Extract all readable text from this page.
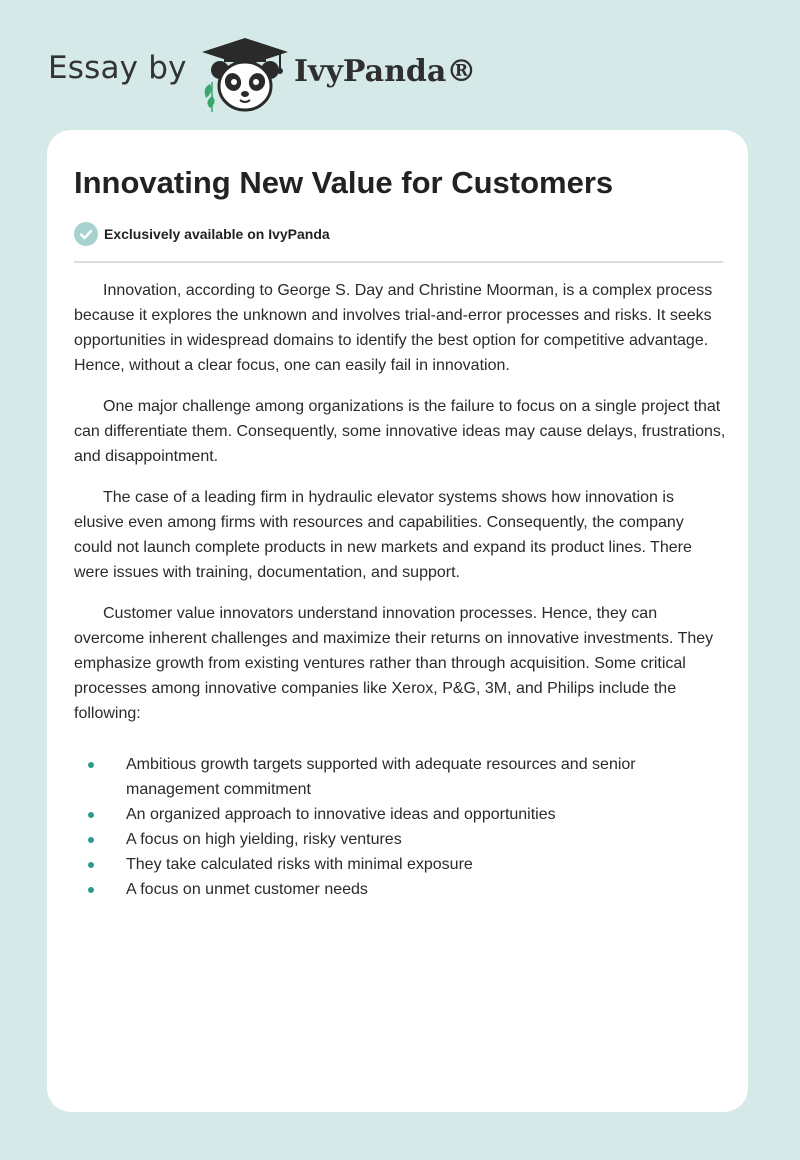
Essay by	IvyPanda®
Innovating New Value for Customers
Exclusively available on IvyPanda

Innovation, according to George S. Day and Christine Moorman, is a complex process because it explores the unknown and involves trial-and-error processes and risks. It seeks opportunities in widespread domains to identify the best option for competitive advantage. Hence, without a clear focus, one can easily fail in innovation.

One major challenge among organizations is the failure to focus on a single project that can differentiate them. Consequently, some innovative ideas may cause delays, frustrations, and disappointment.

The case of a leading firm in hydraulic elevator systems shows how innovation is elusive even among firms with resources and capabilities. Consequently, the company could not launch complete products in new markets and expand its product lines. There were issues with training, documentation, and support.

Customer value innovators understand innovation processes. Hence, they can overcome inherent challenges and maximize their returns on innovative investments. They emphasize growth from existing ventures rather than through acquisition. Some critical processes among innovative companies like Xerox, P&G, 3M, and Philips include the following:

Ambitious growth targets supported with adequate resources and senior management commitment
An organized approach to innovative ideas and opportunities
A focus on high yielding, risky ventures
They take calculated risks with minimal exposure
A focus on unmet customer needs
